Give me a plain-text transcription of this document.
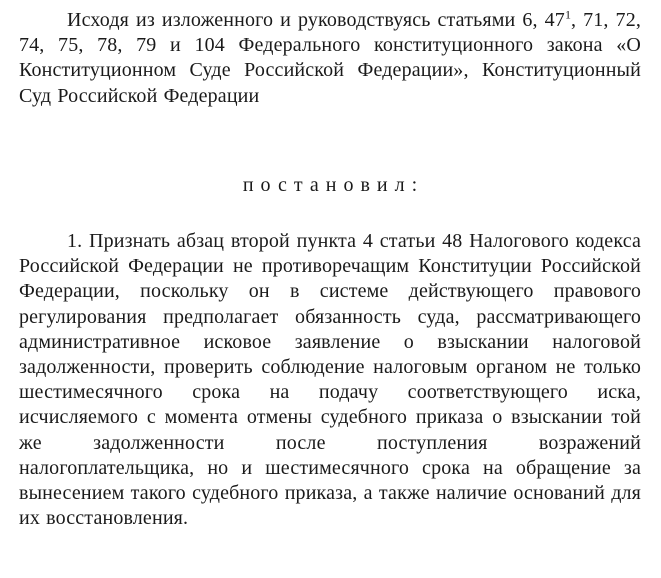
Исходя из изложенного и руководствуясь статьями 6, $47^1$, 71, 72, 74, 75, 78, 79 и 104 Федерального конституционного закона «О Конституционном Суде Российской Федерации», Конституционный Суд Российской Федерации

постановил:

1. Признать абзац второй пункта 4 статьи 48 Налогового кодекса Российской Федерации не противоречащим Конституции Российской Федерации, поскольку он в системе действующего правового регулирования предполагает обязанность суда, рассматривающего административное исковое заявление о взыскании налоговой задолженности, проверить соблюдение налоговым органом не только шестимесячного срока на подачу соответствующего иска, исчисляемого с момента отмены судебного приказа о взыскании той же задолженности после поступления возражений налогоплательщика, но и шестимесячного срока на обращение за вынесением такого судебного приказа, а также наличие оснований для их восстановления.
